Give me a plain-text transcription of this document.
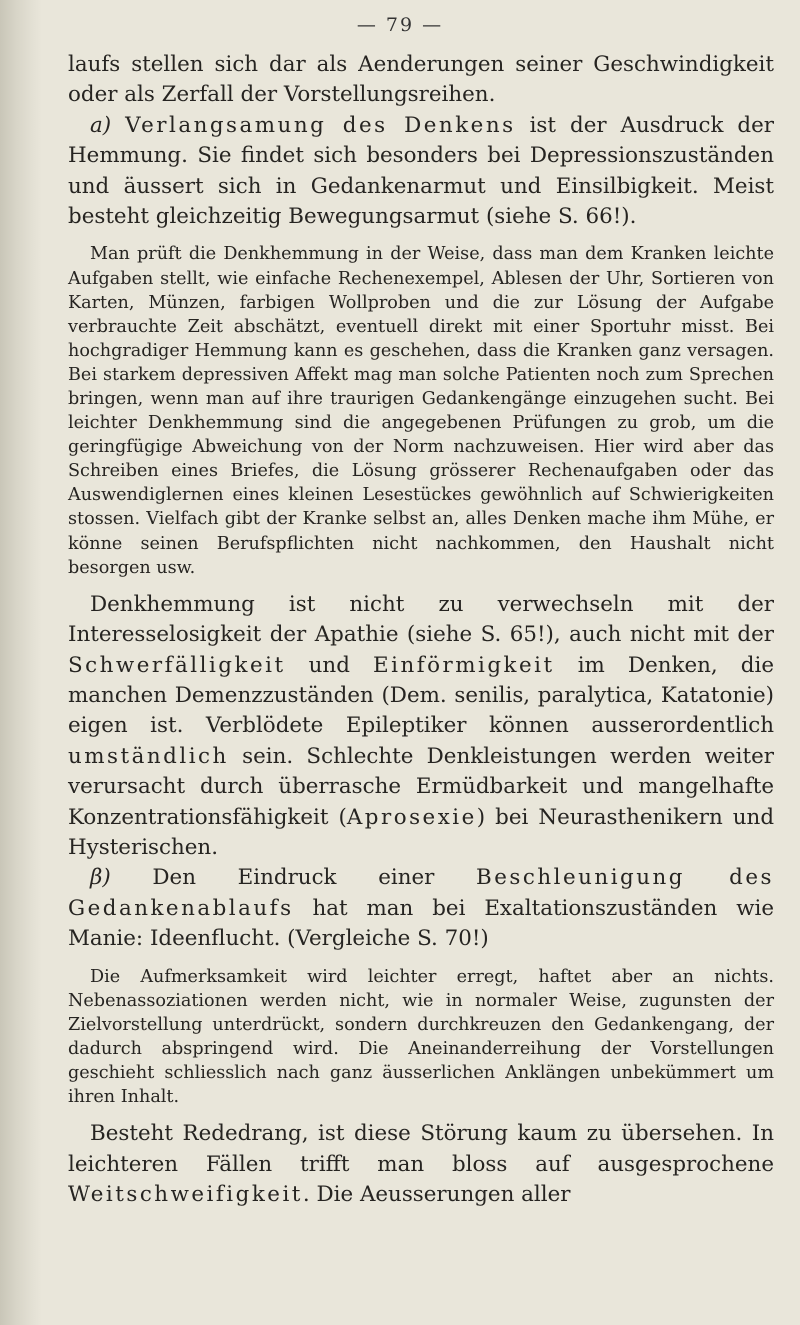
— 79 —

laufs stellen sich dar als Aenderungen seiner Geschwindigkeit oder als Zerfall der Vorstellungsreihen.

a) Verlangsamung des Denkens ist der Ausdruck der Hemmung. Sie findet sich besonders bei Depressionszuständen und äussert sich in Gedankenarmut und Einsilbigkeit. Meist besteht gleichzeitig Bewegungsarmut (siehe S. 66!).

Man prüft die Denkhemmung in der Weise, dass man dem Kranken leichte Aufgaben stellt, wie einfache Rechenexempel, Ablesen der Uhr, Sortieren von Karten, Münzen, farbigen Wollproben und die zur Lösung der Aufgabe verbrauchte Zeit abschätzt, eventuell direkt mit einer Sportuhr misst. Bei hochgradiger Hemmung kann es geschehen, dass die Kranken ganz versagen. Bei starkem depressiven Affekt mag man solche Patienten noch zum Sprechen bringen, wenn man auf ihre traurigen Gedankengänge einzugehen sucht. Bei leichter Denkhemmung sind die angegebenen Prüfungen zu grob, um die geringfügige Abweichung von der Norm nachzuweisen. Hier wird aber das Schreiben eines Briefes, die Lösung grösserer Rechenaufgaben oder das Auswendiglernen eines kleinen Lesestückes gewöhnlich auf Schwierigkeiten stossen. Vielfach gibt der Kranke selbst an, alles Denken mache ihm Mühe, er könne seinen Berufspflichten nicht nachkommen, den Haushalt nicht besorgen usw.

Denkhemmung ist nicht zu verwechseln mit der Interesselosigkeit der Apathie (siehe S. 65!), auch nicht mit der Schwerfälligkeit und Einförmigkeit im Denken, die manchen Demenzzuständen (Dem. senilis, paralytica, Katatonie) eigen ist. Verblödete Epileptiker können ausserordentlich umständlich sein. Schlechte Denkleistungen werden weiter verursacht durch überrasche Ermüdbarkeit und mangelhafte Konzentrationsfähigkeit (Aprosexie) bei Neurasthenikern und Hysterischen.

β) Den Eindruck einer Beschleunigung des Gedankenablaufs hat man bei Exaltationszuständen wie Manie: Ideenflucht. (Vergleiche S. 70!)

Die Aufmerksamkeit wird leichter erregt, haftet aber an nichts. Nebenassoziationen werden nicht, wie in normaler Weise, zugunsten der Zielvorstellung unterdrückt, sondern durchkreuzen den Gedankengang, der dadurch abspringend wird. Die Aneinanderreihung der Vorstellungen geschieht schliesslich nach ganz äusserlichen Anklängen unbekümmert um ihren Inhalt.

Besteht Rededrang, ist diese Störung kaum zu übersehen. In leichteren Fällen trifft man bloss auf ausgesprochene Weitschweifigkeit. Die Aeusserungen aller
